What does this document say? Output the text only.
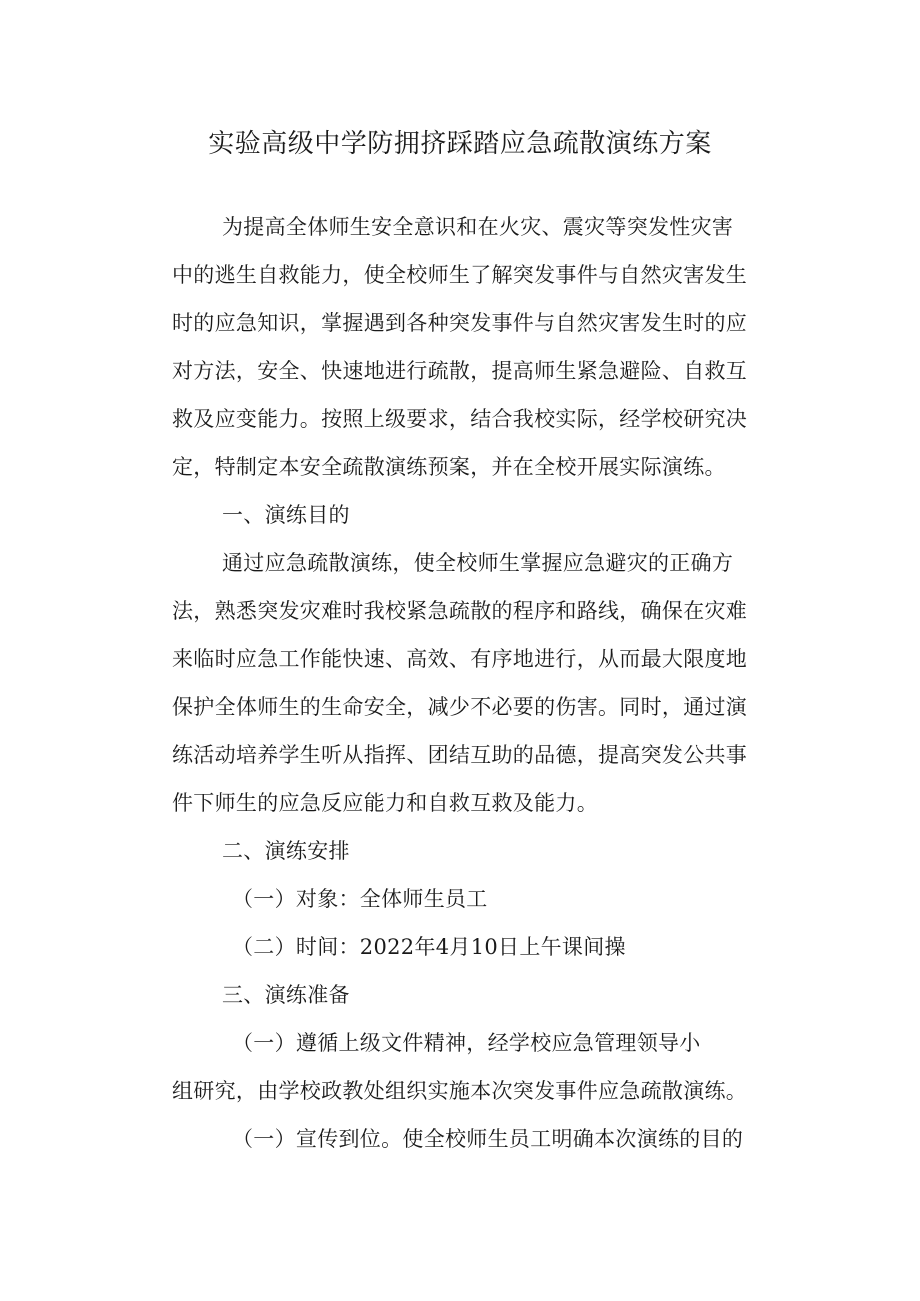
实验高级中学防拥挤踩踏应急疏散演练方案
为提高全体师生安全意识和在火灾、震灾等突发性灾害
中的逃生自救能力，使全校师生了解突发事件与自然灾害发生
时的应急知识，掌握遇到各种突发事件与自然灾害发生时的应
对方法，安全、快速地进行疏散，提高师生紧急避险、自救互
救及应变能力。按照上级要求，结合我校实际，经学校研究决
定，特制定本安全疏散演练预案，并在全校开展实际演练。
一、演练目的
通过应急疏散演练，使全校师生掌握应急避灾的正确方
法，熟悉突发灾难时我校紧急疏散的程序和路线，确保在灾难
来临时应急工作能快速、高效、有序地进行，从而最大限度地
保护全体师生的生命安全，减少不必要的伤害。同时，通过演
练活动培养学生听从指挥、团结互助的品德，提高突发公共事
件下师生的应急反应能力和自救互救及能力。
二、演练安排
（一）对象：全体师生员工
（二）时间：2022年4月10日上午课间操
三、演练准备
（一）遵循上级文件精神，经学校应急管理领导小
组研究，由学校政教处组织实施本次突发事件应急疏散演练。
（一）宣传到位。使全校师生员工明确本次演练的目的
